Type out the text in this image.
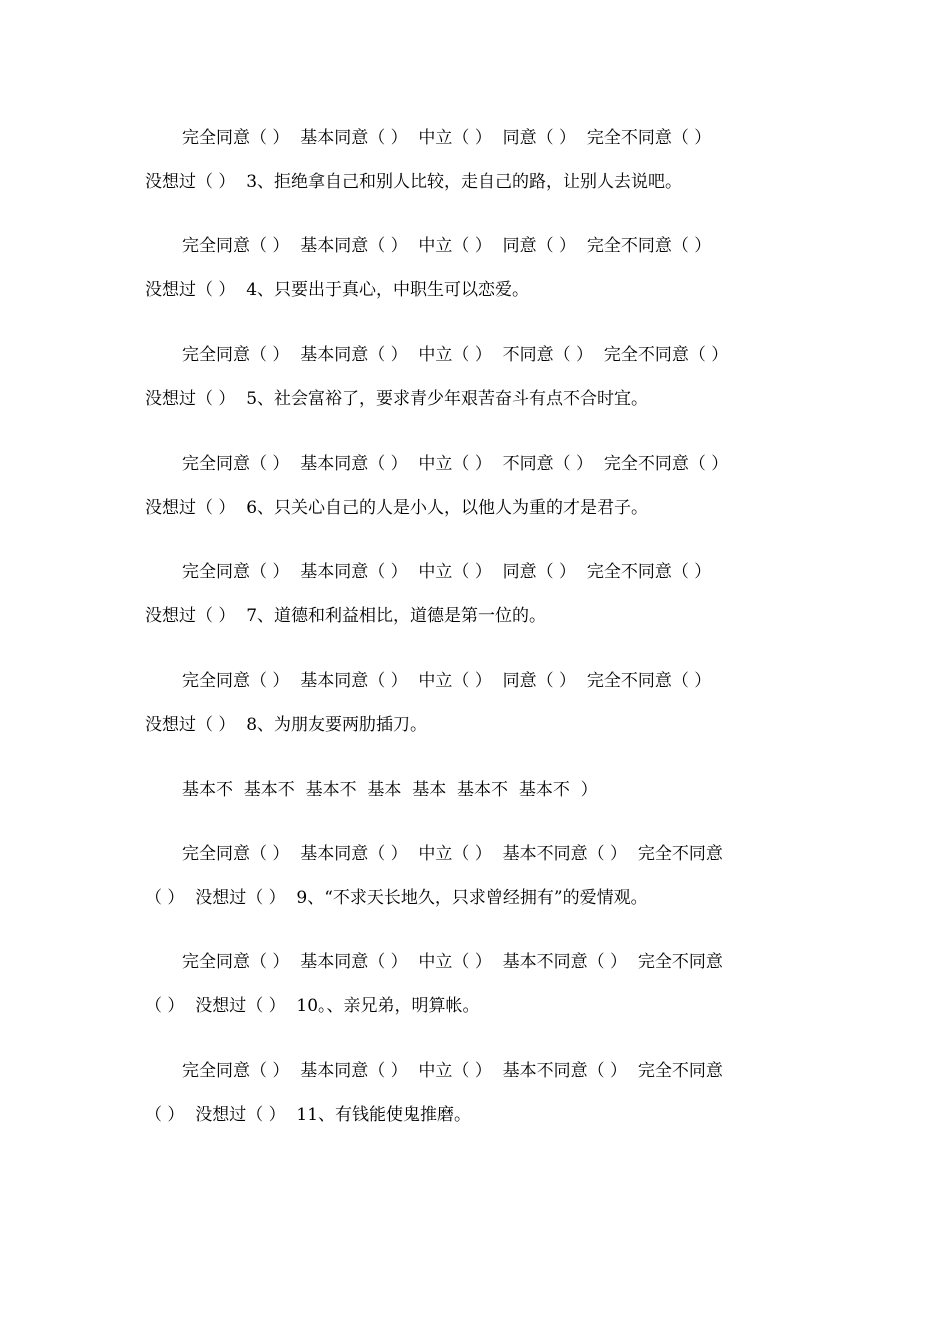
完全同意（ ）  基本同意（ ）  中立（ ）  同意（ ）  完全不同意（ ）
没想过（ ）  3、拒绝拿自己和别人比较，走自己的路，让别人去说吧。
完全同意（ ）  基本同意（ ）  中立（ ）  同意（ ）  完全不同意（ ）
没想过（ ）  4、只要出于真心，中职生可以恋爱。
完全同意（ ）  基本同意（ ）  中立（ ）  不同意（ ）  完全不同意（ ）
没想过（ ）  5、社会富裕了，要求青少年艰苦奋斗有点不合时宜。
完全同意（ ）  基本同意（ ）  中立（ ）  不同意（ ）  完全不同意（ ）
没想过（ ）  6、只关心自己的人是小人，以他人为重的才是君子。
完全同意（ ）  基本同意（ ）  中立（ ）  同意（ ）  完全不同意（ ）
没想过（ ）  7、道德和利益相比，道德是第一位的。
完全同意（ ）  基本同意（ ）  中立（ ）  同意（ ）  完全不同意（ ）
没想过（ ）  8、为朋友要两肋插刀。
基本不  基本不  基本不  基本  基本  基本不  基本不  ）
完全同意（ ）  基本同意（ ）  中立（ ）  基本不同意（ ）  完全不同意
（ ）  没想过（ ）  9、“不求天长地久，只求曾经拥有”的爱情观。
完全同意（ ）  基本同意（ ）  中立（ ）  基本不同意（ ）  完全不同意
（ ）  没想过（ ）  10。、亲兄弟，明算帐。
完全同意（ ）  基本同意（ ）  中立（ ）  基本不同意（ ）  完全不同意
（ ）  没想过（ ）  11、有钱能使鬼推磨。
